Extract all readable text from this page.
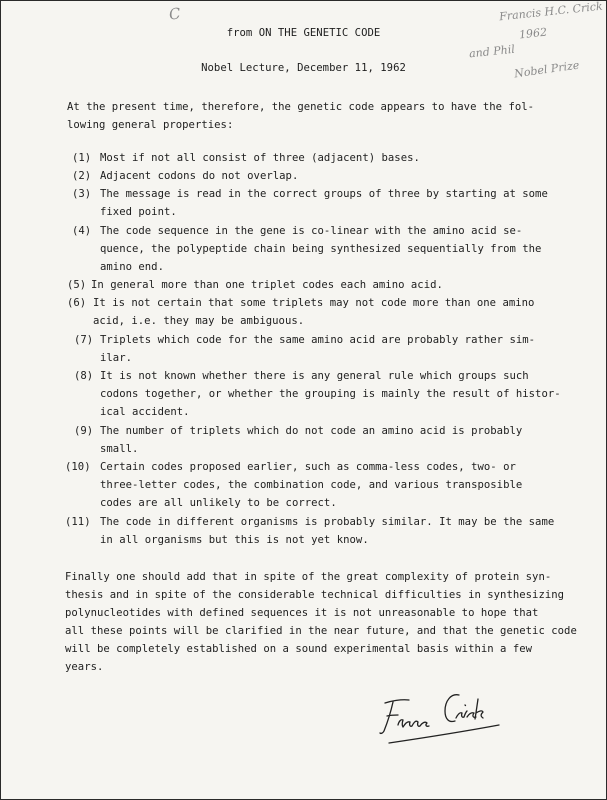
C	Francis H.C. Crick
1962
and Phil
Nobel Prize
from ON THE GENETIC CODE
Nobel Lecture, December 11, 1962
At the present time, therefore, the genetic code appears to have the fol-
lowing general properties:
(1) Most if not all consist of three (adjacent) bases.
(2) Adjacent codons do not overlap.
(3) The message is read in the correct groups of three by starting at some
fixed point.
(4) The code sequence in the gene is co-linear with the amino acid se-
quence, the polypeptide chain being synthesized sequentially from the
amino end.
(5) In general more than one triplet codes each amino acid.
(6) It is not certain that some triplets may not code more than one amino
acid, i.e. they may be ambiguous.
(7) Triplets which code for the same amino acid are probably rather sim-
ilar.
(8) It is not known whether there is any general rule which groups such
codons together, or whether the grouping is mainly the result of histor-
ical accident.
(9) The number of triplets which do not code an amino acid is probably
small.
(10) Certain codes proposed earlier, such as comma-less codes, two- or
three-letter codes, the combination code, and various transposible
codes are all unlikely to be correct.
(11) The code in different organisms is probably similar. It may be the same
in all organisms but this is not yet know.
Finally one should add that in spite of the great complexity of protein syn-
thesis and in spite of the considerable technical difficulties in synthesizing
polynucleotides with defined sequences it is not unreasonable to hope that
all these points will be clarified in the near future, and that the genetic code
will be completely established on a sound experimental basis within a few
years.
